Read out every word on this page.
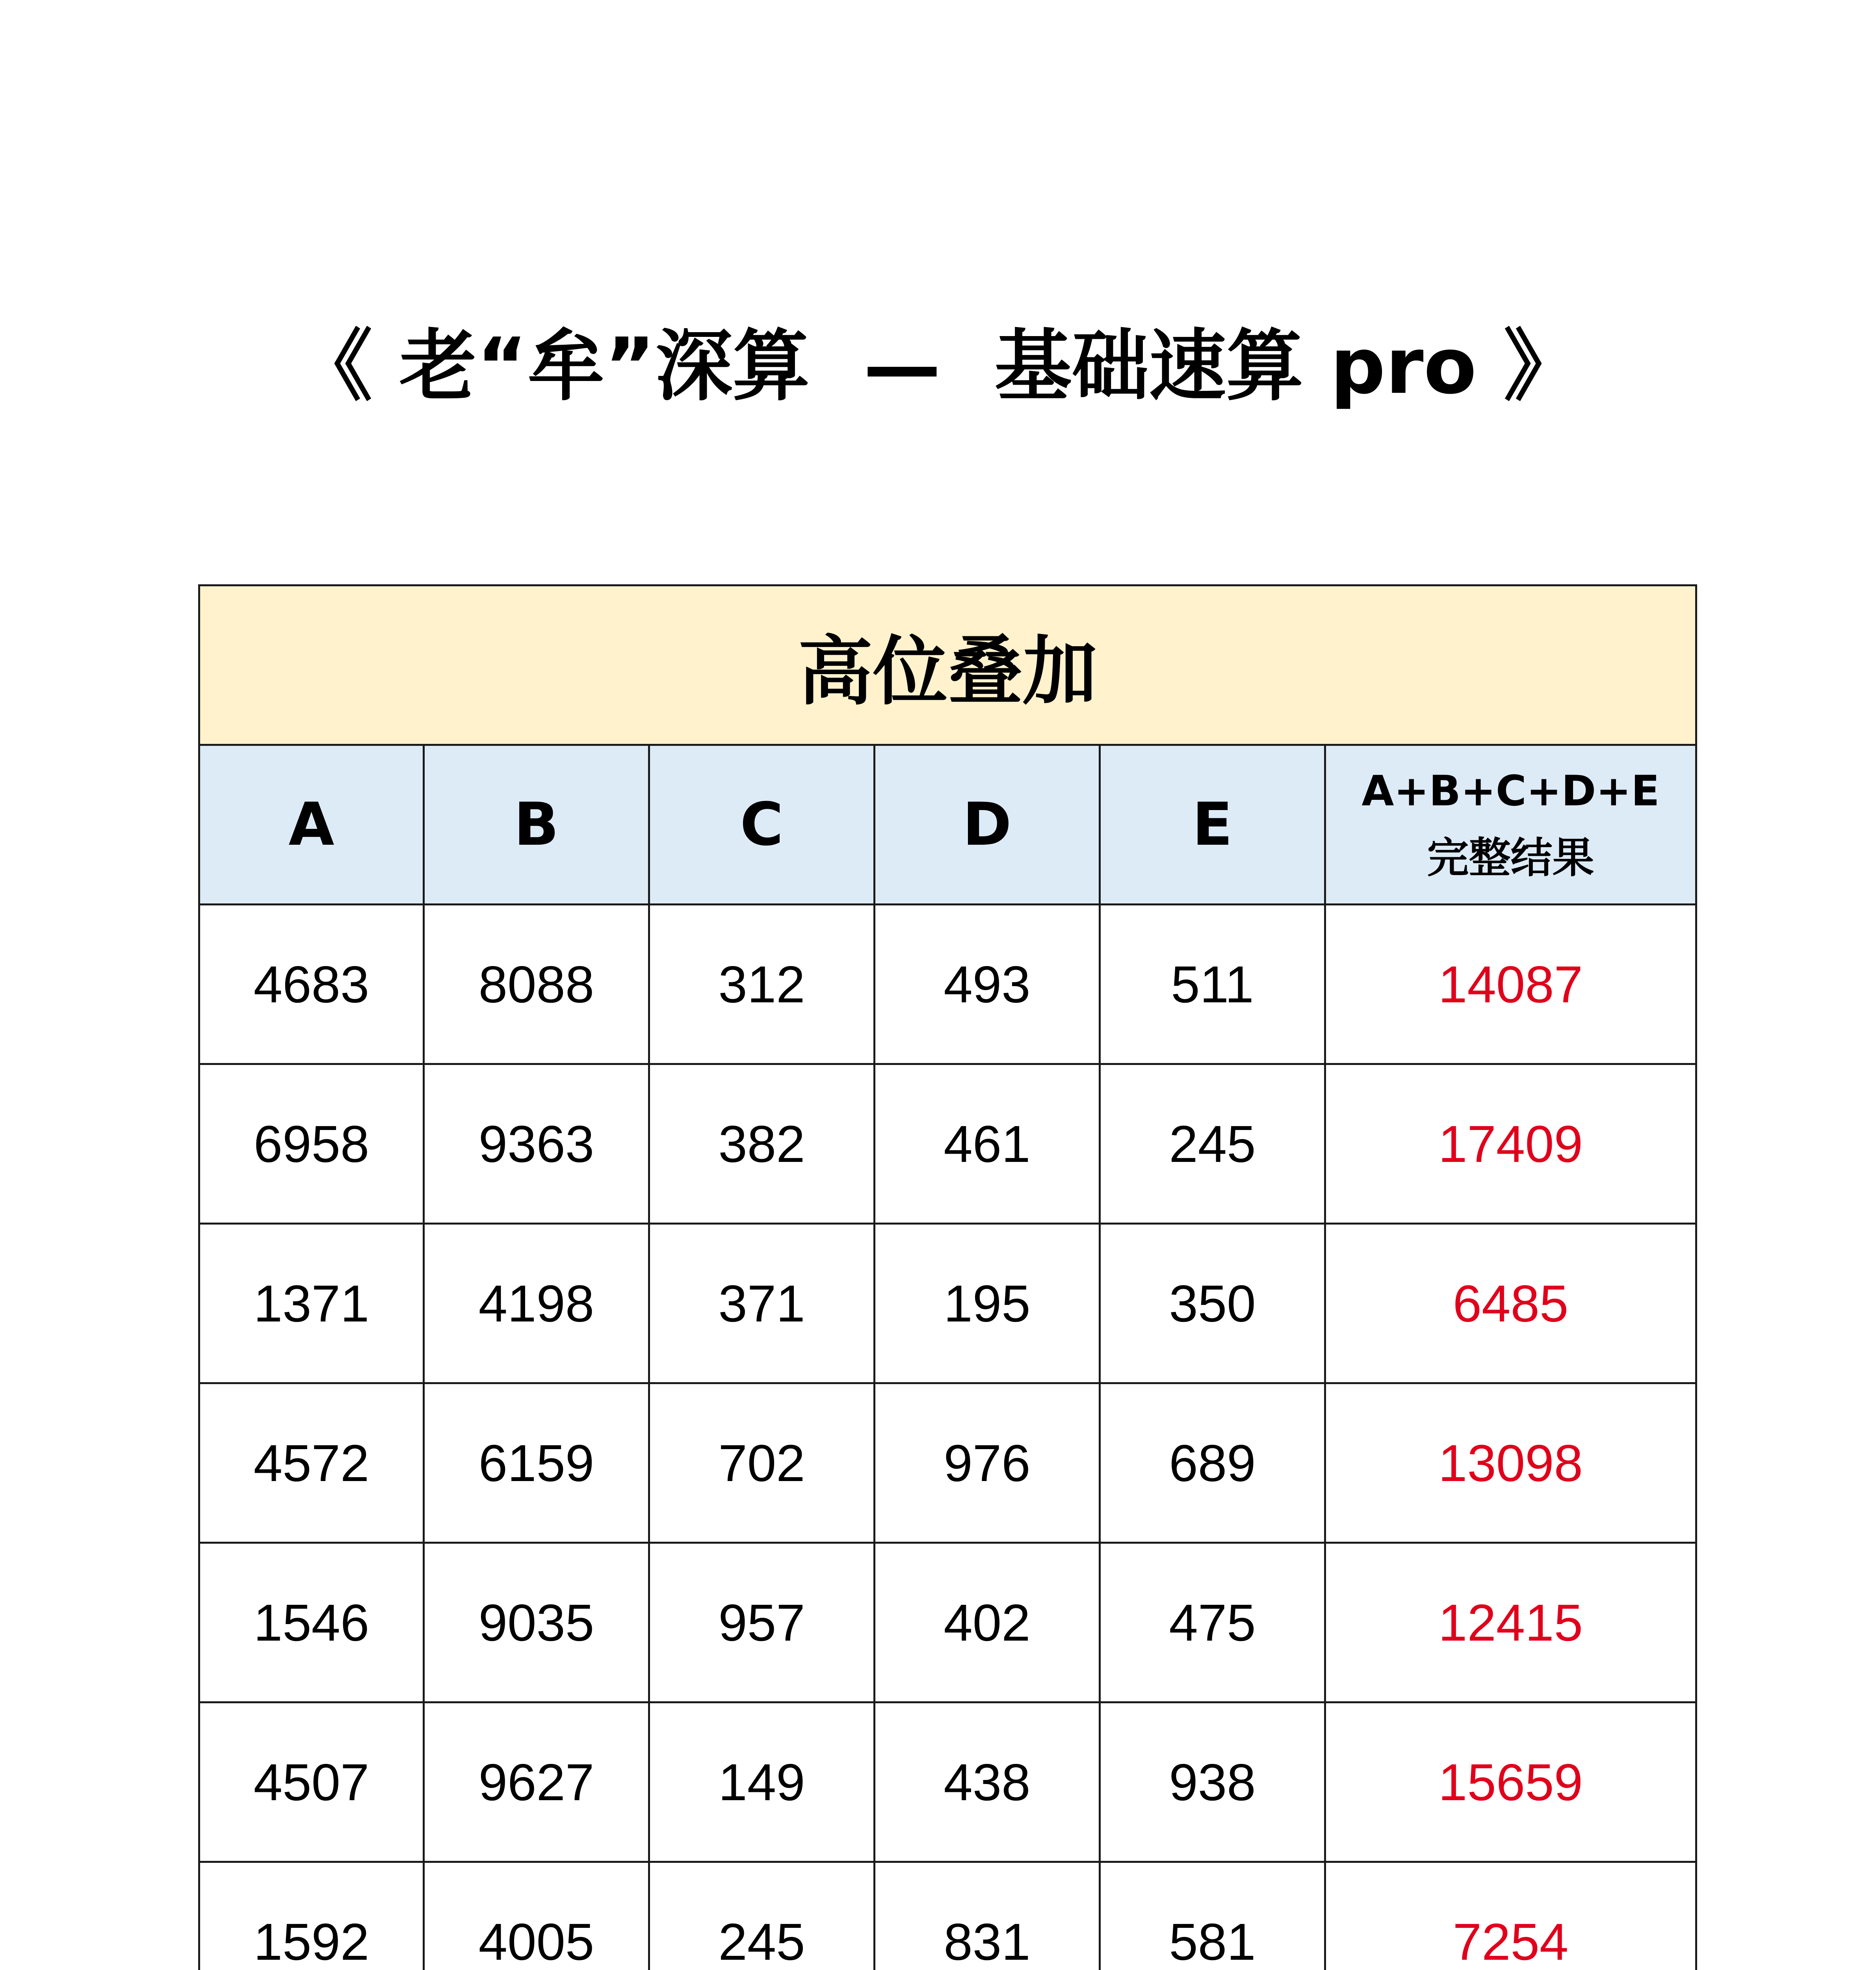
《 老“牟”深算  —  基础速算 pro 》
高位叠加					
A	B	C	D	E	A+B+C+D+E
完整结果

4683	8088	312	493	511	14087
6958	9363	382	461	245	17409
1371	4198	371	195	350	6485
4572	6159	702	976	689	13098
1546	9035	957	402	475	12415
4507	9627	149	438	938	15659
1592	4005	245	831	581	7254
